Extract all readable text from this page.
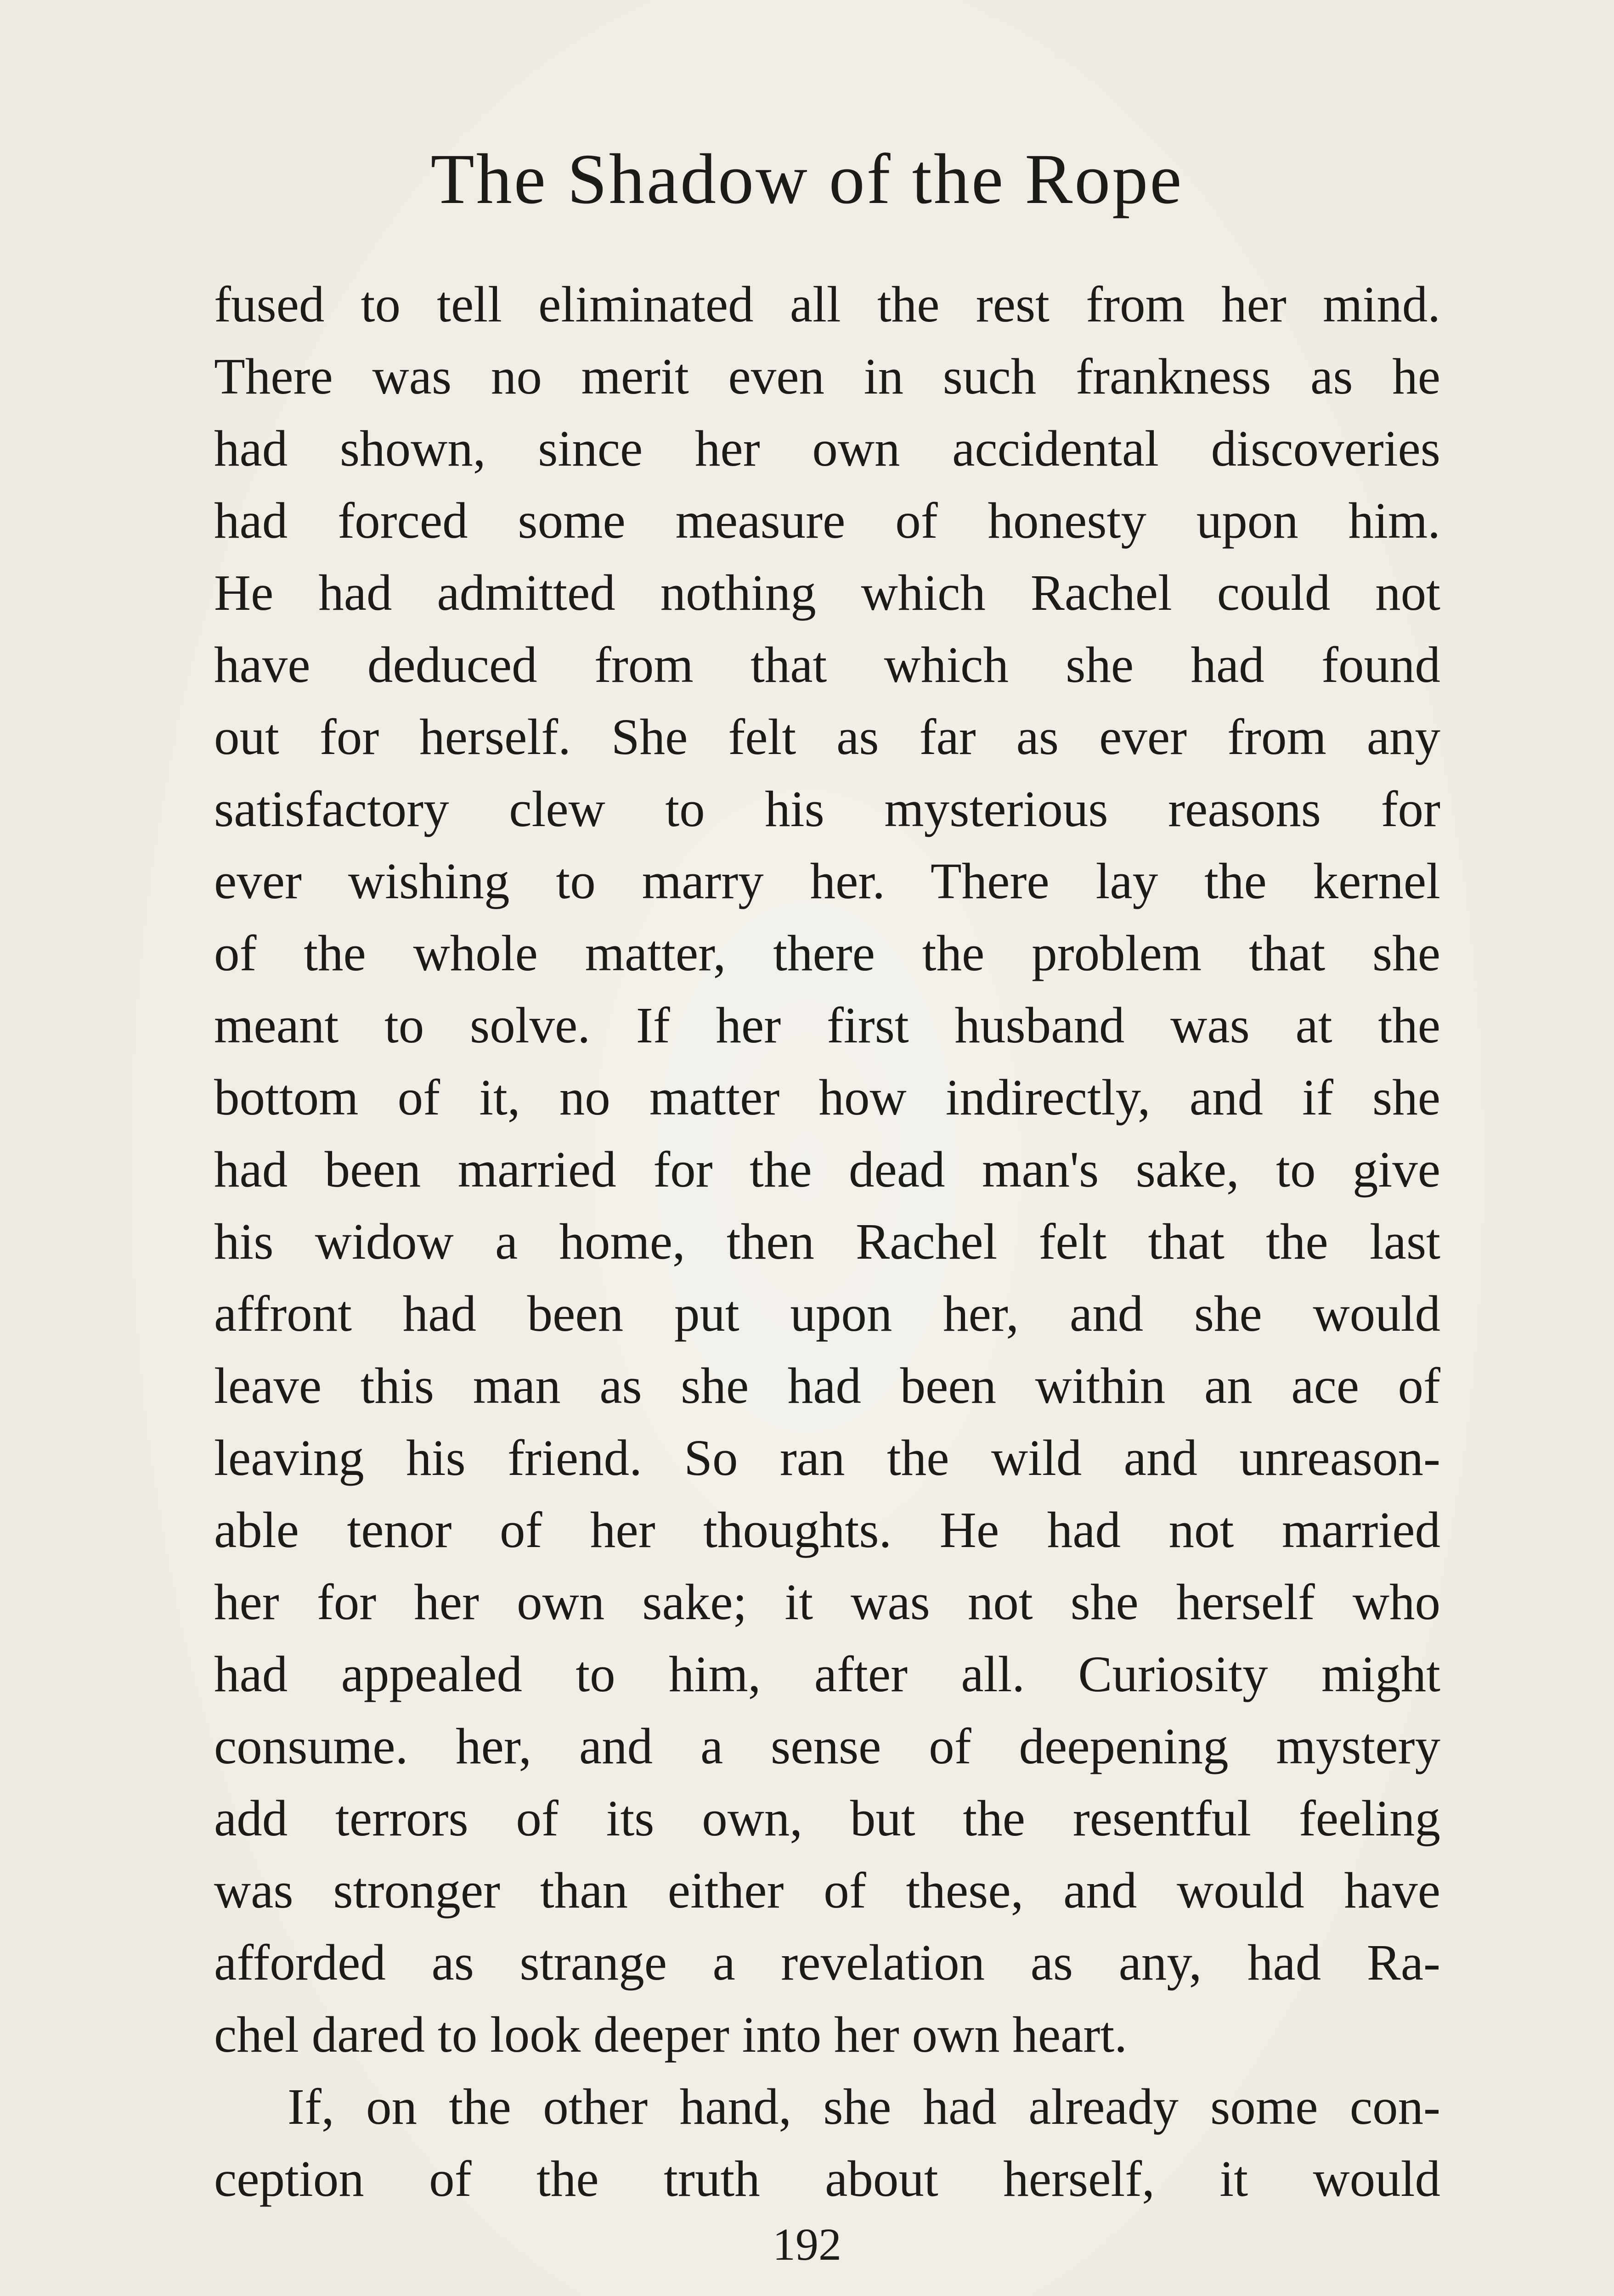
The Shadow of the Rope
fused to tell eliminated all the rest from her mind.
There was no merit even in such frankness as he
had shown, since her own accidental discoveries
had forced some measure of honesty upon him.
He had admitted nothing which Rachel could not
have deduced from that which she had found
out for herself. She felt as far as ever from any
satisfactory clew to his mysterious reasons for
ever wishing to marry her. There lay the kernel
of the whole matter, there the problem that she
meant to solve. If her first husband was at the
bottom of it, no matter how indirectly, and if she
had been married for the dead man's sake, to give
his widow a home, then Rachel felt that the last
affront had been put upon her, and she would
leave this man as she had been within an ace of
leaving his friend. So ran the wild and unreason-
able tenor of her thoughts. He had not married
her for her own sake; it was not she herself who
had appealed to him, after all. Curiosity might
consume. her, and a sense of deepening mystery
add terrors of its own, but the resentful feeling
was stronger than either of these, and would have
afforded as strange a revelation as any, had Ra-
chel dared to look deeper into her own heart.
If, on the other hand, she had already some con-
ception of the truth about herself, it would
192
